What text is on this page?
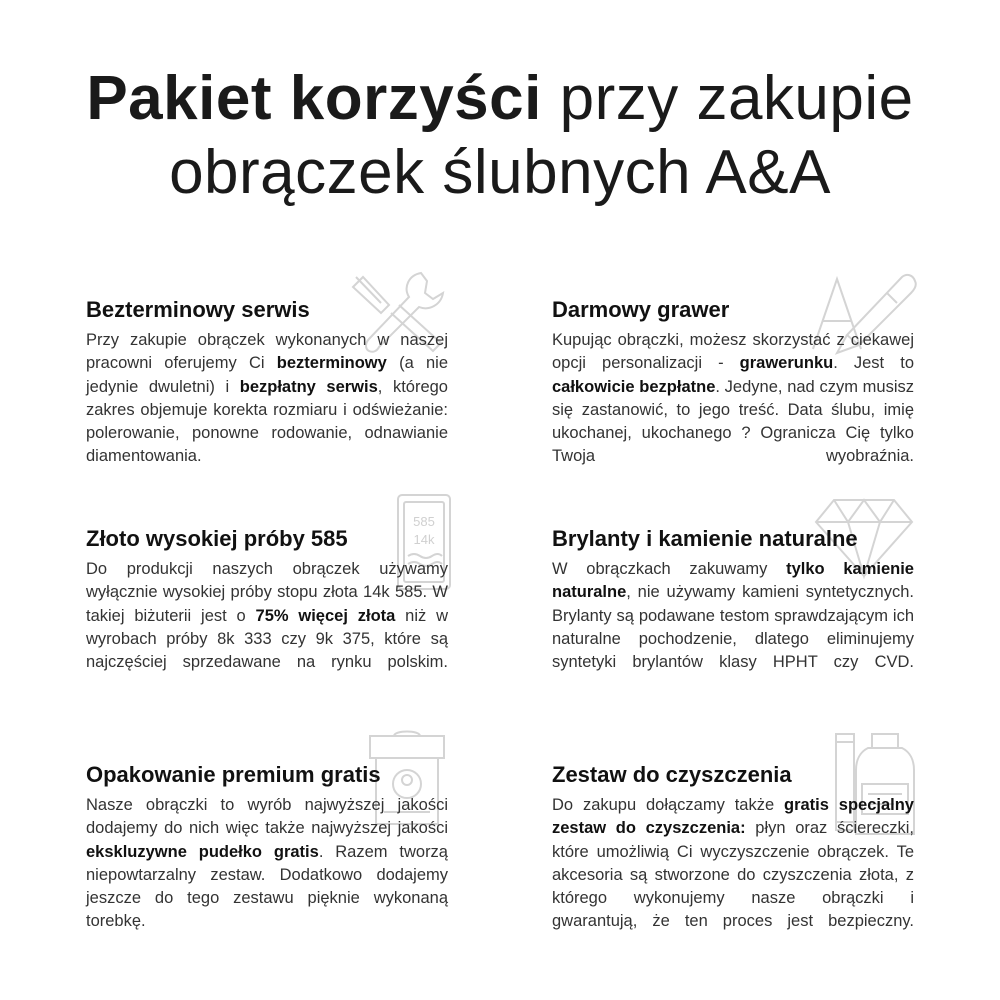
Pakiet korzyści przy zakupie
obrączek ślubnych A&A
Bezterminowy serwis

Przy zakupie obrączek wykonanych w naszej pracowni oferujemy Ci bezterminowy (a nie jedynie dwuletni) i bezpłatny serwis, którego zakres objemuje korekta rozmiaru i odświeżanie: polerowanie, ponowne rodowanie, odnawianie diamentowania.

Darmowy grawer

Kupując obrączki, możesz skorzystać z ciekawej opcji personalizacji - grawerunku. Jest to całkowicie bezpłatne. Jedyne, nad czym musisz się zastanowić, to jego treść. Data ślubu, imię ukochanej, ukochanego ? Ogranicza Cię tylko Twoja wyobraźnia.

585
14k
Złoto wysokiej próby 585

Do produkcji naszych obrączek używamy wyłącznie wysokiej próby stopu złota 14k 585. W takiej biżuterii jest o 75% więcej złota niż w wyrobach próby 8k 333 czy 9k 375, które są najczęściej sprzedawane na rynku polskim.

Brylanty i kamienie naturalne

W obrączkach zakuwamy tylko kamienie naturalne, nie używamy kamieni syntetycznych. Brylanty są podawane testom sprawdzającym ich naturalne pochodzenie, dlatego eliminujemy syntetyki brylantów klasy HPHT czy CVD.

Opakowanie premium gratis

Nasze obrączki to wyrób najwyższej jakości dodajemy do nich więc także najwyższej jakości ekskluzywne pudełko gratis. Razem tworzą niepowtarzalny zestaw. Dodatkowo dodajemy jeszcze do tego zestawu pięknie wykonaną torebkę.

Zestaw do czyszczenia

Do zakupu dołączamy także gratis specjalny zestaw do czyszczenia: płyn oraz ściereczki, które umożliwią Ci wyczyszczenie obrączek. Te akcesoria są stworzone do czyszczenia złota, z którego wykonujemy nasze obrączki i gwarantują, że ten proces jest bezpieczny.
